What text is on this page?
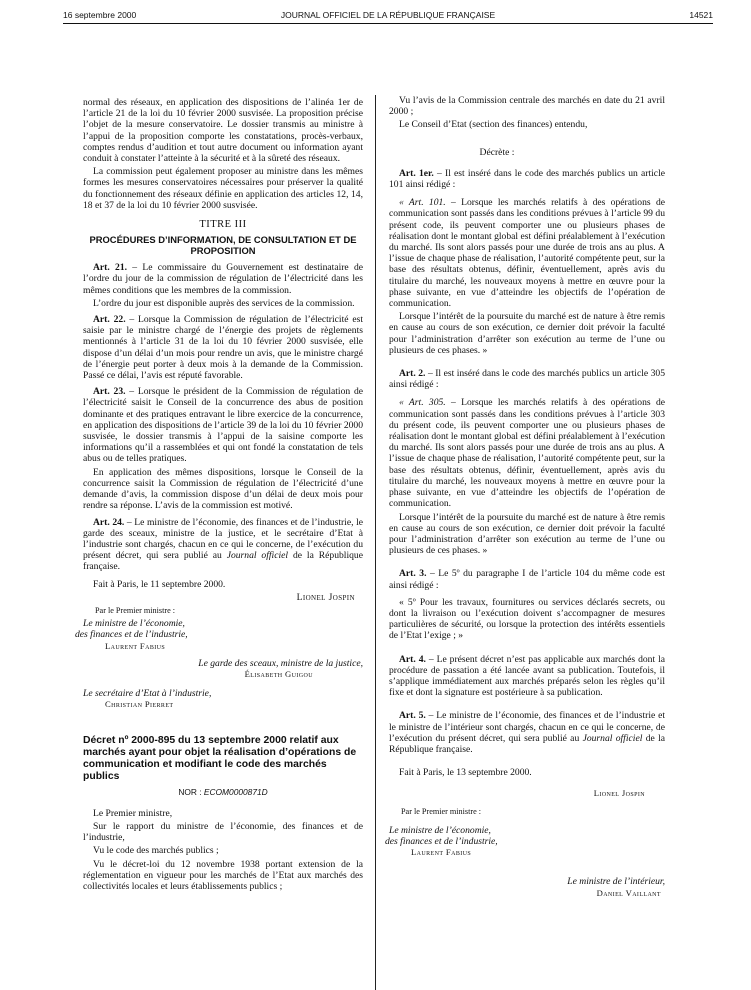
16 septembre 2000	JOURNAL OFFICIEL DE LA RÉPUBLIQUE FRANÇAISE	14521

normal des réseaux, en application des dispositions de l’alinéa 1er de l’article 21 de la loi du 10 février 2000 susvisée. La proposition précise l’objet de la mesure conservatoire. Le dossier transmis au ministre à l’appui de la proposition comporte les constatations, procès-verbaux, comptes rendus d’audition et tout autre document ou information ayant conduit à constater l’atteinte à la sécurité et à la sûreté des réseaux.

La commission peut également proposer au ministre dans les mêmes formes les mesures conservatoires nécessaires pour préserver la qualité du fonctionnement des réseaux définie en application des articles 12, 14, 18 et 37 de la loi du 10 février 2000 susvisée.

TITRE III
PROCÉDURES D’INFORMATION, DE CONSULTATION ET DE PROPOSITION

Art. 21. – Le commissaire du Gouvernement est destinataire de l’ordre du jour de la commission de régulation de l’électricité dans les mêmes conditions que les membres de la commission.

L’ordre du jour est disponible auprès des services de la commission.

Art. 22. – Lorsque la Commission de régulation de l’électricité est saisie par le ministre chargé de l’énergie des projets de règlements mentionnés à l’article 31 de la loi du 10 février 2000 susvisée, elle dispose d’un délai d’un mois pour rendre un avis, que le ministre chargé de l’énergie peut porter à deux mois à la demande de la Commission. Passé ce délai, l’avis est réputé favorable.

Art. 23. – Lorsque le président de la Commission de régulation de l’électricité saisit le Conseil de la concurrence des abus de position dominante et des pratiques entravant le libre exercice de la concurrence, en application des dispositions de l’article 39 de la loi du 10 février 2000 susvisée, le dossier transmis à l’appui de la saisine comporte les informations qu’il a rassemblées et qui ont fondé la constatation de tels abus ou de telles pratiques.

En application des mêmes dispositions, lorsque le Conseil de la concurrence saisit la Commission de régulation de l’électricité d’une demande d’avis, la commission dispose d’un délai de deux mois pour rendre sa réponse. L’avis de la commission est motivé.

Art. 24. – Le ministre de l’économie, des finances et de l’industrie, le garde des sceaux, ministre de la justice, et le secrétaire d’Etat à l’industrie sont chargés, chacun en ce qui le concerne, de l’exécution du présent décret, qui sera publié au Journal officiel de la République française.

Fait à Paris, le 11 septembre 2000.

Lionel Jospin

Par le Premier ministre :

Le ministre de l’économie,
des finances et de l’industrie,
Laurent Fabius
Le garde des sceaux, ministre de la justice,
Élisabeth Guigou
Le secrétaire d’Etat à l’industrie,
Christian Pierret
Décret nº 2000-895 du 13 septembre 2000 relatif aux marchés ayant pour objet la réalisation d’opérations de communication et modifiant le code des marchés publics
NOR : ECOM0000871D

Le Premier ministre,

Sur le rapport du ministre de l’économie, des finances et de l’industrie,

Vu le code des marchés publics ;

Vu le décret-loi du 12 novembre 1938 portant extension de la réglementation en vigueur pour les marchés de l’Etat aux marchés des collectivités locales et leurs établissements publics ;

Vu l’avis de la Commission centrale des marchés en date du 21 avril 2000 ;

Le Conseil d’Etat (section des finances) entendu,

Décrète :

Art. 1er. – Il est inséré dans le code des marchés publics un article 101 ainsi rédigé :

« Art. 101. – Lorsque les marchés relatifs à des opérations de communication sont passés dans les conditions prévues à l’article 99 du présent code, ils peuvent comporter une ou plusieurs phases de réalisation dont le montant global est défini préalablement à l’exécution du marché. Ils sont alors passés pour une durée de trois ans au plus. A l’issue de chaque phase de réalisation, l’autorité compétente peut, sur la base des résultats obtenus, définir, éventuellement, après avis du titulaire du marché, les nouveaux moyens à mettre en œuvre pour la phase suivante, en vue d’atteindre les objectifs de l’opération de communication.

Lorsque l’intérêt de la poursuite du marché est de nature à être remis en cause au cours de son exécution, ce dernier doit prévoir la faculté pour l’administration d’arrêter son exécution au terme de l’une ou plusieurs de ces phases. »

Art. 2. – Il est inséré dans le code des marchés publics un article 305 ainsi rédigé :

« Art. 305. – Lorsque les marchés relatifs à des opérations de communication sont passés dans les conditions prévues à l’article 303 du présent code, ils peuvent comporter une ou plusieurs phases de réalisation dont le montant global est défini préalablement à l’exécution du marché. Ils sont alors passés pour une durée de trois ans au plus. A l’issue de chaque phase de réalisation, l’autorité compétente peut, sur la base des résultats obtenus, définir, éventuellement, après avis du titulaire du marché, les nouveaux moyens à mettre en œuvre pour la phase suivante, en vue d’atteindre les objectifs de l’opération de communication.

Lorsque l’intérêt de la poursuite du marché est de nature à être remis en cause au cours de son exécution, ce dernier doit prévoir la faculté pour l’administration d’arrêter son exécution au terme de l’une ou plusieurs de ces phases. »

Art. 3. – Le 5º du paragraphe I de l’article 104 du même code est ainsi rédigé :

« 5º Pour les travaux, fournitures ou services déclarés secrets, ou dont la livraison ou l’exécution doivent s’accompagner de mesures particulières de sécurité, ou lorsque la protection des intérêts essentiels de l’Etat l’exige ; »

Art. 4. – Le présent décret n’est pas applicable aux marchés dont la procédure de passation a été lancée avant sa publication. Toutefois, il s’applique immédiatement aux marchés préparés selon les règles qu’il fixe et dont la signature est postérieure à sa publication.

Art. 5. – Le ministre de l’économie, des finances et de l’industrie et le ministre de l’intérieur sont chargés, chacun en ce qui le concerne, de l’exécution du présent décret, qui sera publié au Journal officiel de la République française.

Fait à Paris, le 13 septembre 2000.

Lionel Jospin

Par le Premier ministre :

Le ministre de l’économie,
des finances et de l’industrie,
Laurent Fabius
Le ministre de l’intérieur,
Daniel Vaillant
